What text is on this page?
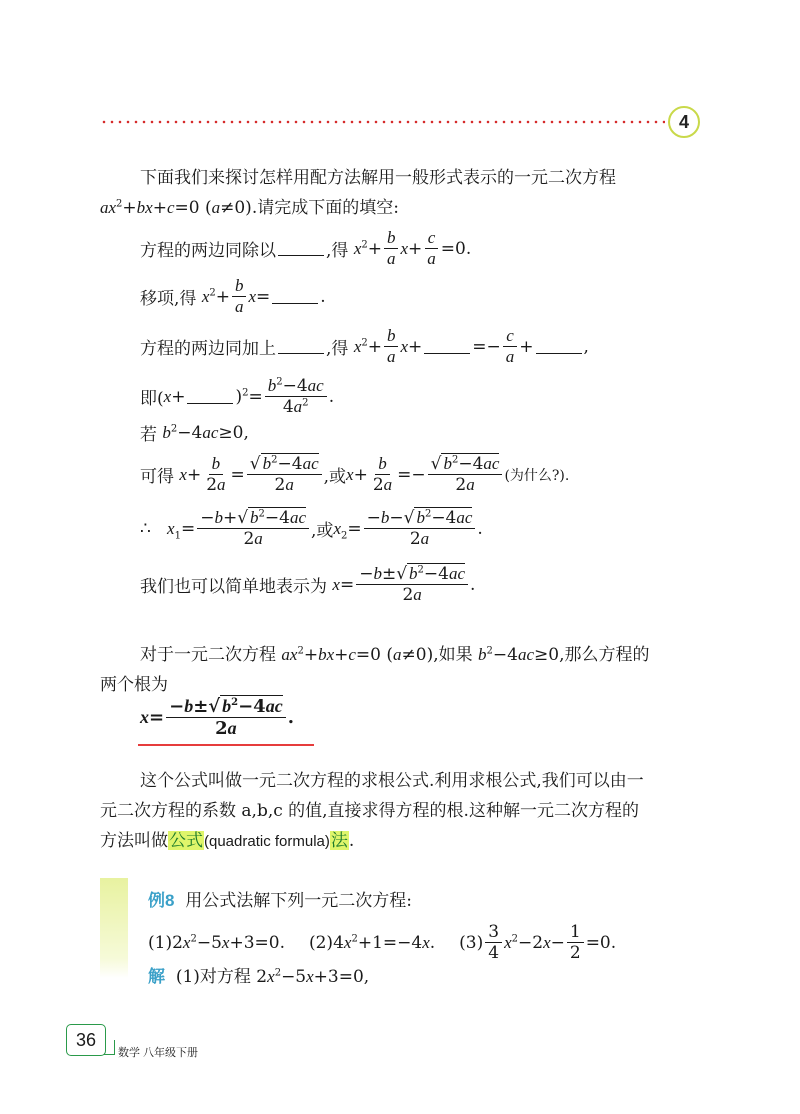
4
下面我们来探讨怎样用配方法解用一般形式表示的一元二次方程
$ax^2+bx+c=0$ (a≠0).请完成下面的填空:
方程的两边同除以	,得 $x^2+ \frac{b}{a} x+ \frac{c}{a} =0$.
移项,得 $x^2+ \frac{b}{a} x=$	.
方程的两边同加上	,得 $x^2+ \frac{b}{a} x+$	=− $\frac{c}{a}$ +	,
即( x+	)$^2= \frac{b^2-4ac}{4a^2}$ .
若 $b^2-4ac\ge 0$,
可得 $x+ \frac{b}{2a} = \frac{√ b^2-4ac}{2a}$ ,或 $x+ \frac{b}{2a} =- \frac{√ b^2-4ac}{2a}$ (为什么?).
∴ $x_1= \frac{-b+√ b^2-4ac}{2a}$ ,或 $x_2= \frac{-b-√ b^2-4ac}{2a}$ .
我们也可以简单地表示为 $x= \frac{-b\pm√ b^2-4ac}{2a}$ .
对于一元二次方程 $ax^2+bx+c=0$ (a≠0),如果 $b^2-4ac\ge 0$,那么方程的
两个根为
$x= \frac{-b\pm√ b^2-4ac}{2a}$ .
这个公式叫做一元二次方程的求根公式.利用求根公式,我们可以由一
元二次方程的系数 a,b,c 的值,直接求得方程的根.这种解一元二次方程的
方法叫做公式(quadratic formula)法.
例8 用公式法解下列一元二次方程:
(1) $2x^2-5x+3=0$. (2) $4x^2+1=-4x$. $(3) \frac{3}{4} x^2-2x- \frac{1}{2} =0$.
解 (1)对方程 $2x^2-5x+3=0$,
36
数学 八年级下册
